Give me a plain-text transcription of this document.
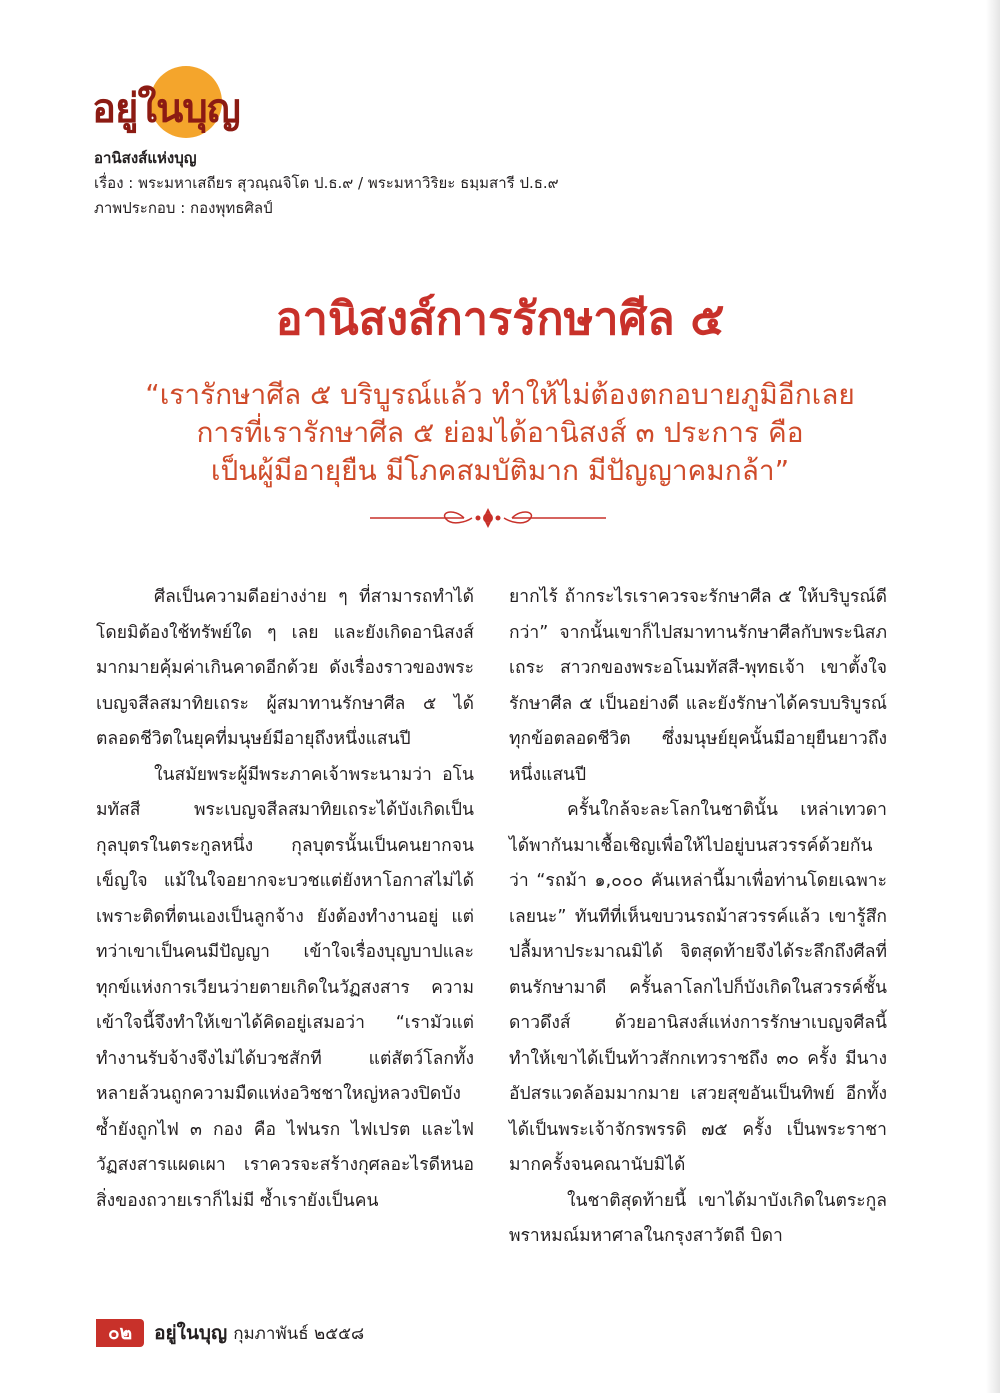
อยู่ในบุญ
อานิสงส์แห่งบุญ
เรื่อง : พระมหาเสถียร สุวณฺณจิโต ป.ธ.๙ / พระมหาวิริยะ ธมฺมสารี ป.ธ.๙
ภาพประกอบ : กองพุทธศิลป์
อานิสงส์การรักษาศีล ๕
“เรารักษาศีล ๕ บริบูรณ์แล้ว ทำให้ไม่ต้องตกอบายภูมิอีกเลย
การที่เรารักษาศีล ๕ ย่อมได้อานิสงส์ ๓ ประการ คือ
เป็นผู้มีอายุยืน มีโภคสมบัติมาก มีปัญญาคมกล้า”

ศีลเป็นความดีอย่างง่าย ๆ ที่สามารถทำได้โดยมิต้องใช้ทรัพย์ใด ๆ เลย และยังเกิดอานิสงส์มากมายคุ้มค่าเกินคาดอีกด้วย ดังเรื่องราวของพระเบญจสีลสมาทิยเถระ ผู้สมาทานรักษาศีล ๕ ได้ตลอดชีวิตในยุคที่มนุษย์มีอายุถึงหนึ่งแสนปี

ในสมัยพระผู้มีพระภาคเจ้าพระนามว่า อโนมทัสสี พระเบญจสีลสมาทิยเถระได้บังเกิดเป็นกุลบุตรในตระกูลหนึ่ง กุลบุตรนั้นเป็นคนยากจนเข็ญใจ แม้ในใจอยากจะบวชแต่ยังหาโอกาสไม่ได้ เพราะติดที่ตนเองเป็นลูกจ้าง ยังต้องทำงานอยู่ แต่ทว่าเขาเป็นคนมีปัญญา เข้าใจเรื่องบุญบาปและทุกข์แห่งการเวียนว่ายตายเกิดในวัฏสงสาร ความเข้าใจนี้จึงทำให้เขาได้คิดอยู่เสมอว่า “เรามัวแต่ทำงานรับจ้างจึงไม่ได้บวชสักที แต่สัตว์โลกทั้งหลายล้วนถูกความมืดแห่งอวิชชาใหญ่หลวงปิดบัง ซ้ำยังถูกไฟ ๓ กอง คือ ไฟนรก ไฟเปรต และไฟวัฏสงสารแผดเผา เราควรจะสร้างกุศลอะไรดีหนอ สิ่งของถวายเราก็ไม่มี ซ้ำเรายังเป็นคน

ยากไร้ ถ้ากระไรเราควรจะรักษาศีล ๕ ให้บริบูรณ์ดีกว่า” จากนั้นเขาก็ไปสมาทานรักษาศีลกับพระนิสภเถระ สาวกของพระอโนมทัสสี-พุทธเจ้า เขาตั้งใจรักษาศีล ๕ เป็นอย่างดี และยังรักษาได้ครบบริบูรณ์ทุกข้อตลอดชีวิต ซึ่งมนุษย์ยุคนั้นมีอายุยืนยาวถึงหนึ่งแสนปี

ครั้นใกล้จะละโลกในชาตินั้น เหล่าเทวดาได้พากันมาเชื้อเชิญเพื่อให้ไปอยู่บนสวรรค์ด้วยกันว่า “รถม้า ๑,๐๐๐ คันเหล่านี้มาเพื่อท่านโดยเฉพาะเลยนะ” ทันทีที่เห็นขบวนรถม้าสวรรค์แล้ว เขารู้สึกปลื้มหาประมาณมิได้ จิตสุดท้ายจึงได้ระลึกถึงศีลที่ตนรักษามาดี ครั้นลาโลกไปก็บังเกิดในสวรรค์ชั้นดาวดึงส์ ด้วยอานิสงส์แห่งการรักษาเบญจศีลนี้ ทำให้เขาได้เป็นท้าวสักกเทวราชถึง ๓๐ ครั้ง มีนางอัปสรแวดล้อมมากมาย เสวยสุขอันเป็นทิพย์ อีกทั้งได้เป็นพระเจ้าจักรพรรดิ ๗๕ ครั้ง เป็นพระราชามากครั้งจนคณานับมิได้

ในชาติสุดท้ายนี้ เขาได้มาบังเกิดในตระกูลพราหมณ์มหาศาลในกรุงสาวัตถี บิดา

๐๒	อยู่ในบุญ กุมภาพันธ์ ๒๕๕๘
